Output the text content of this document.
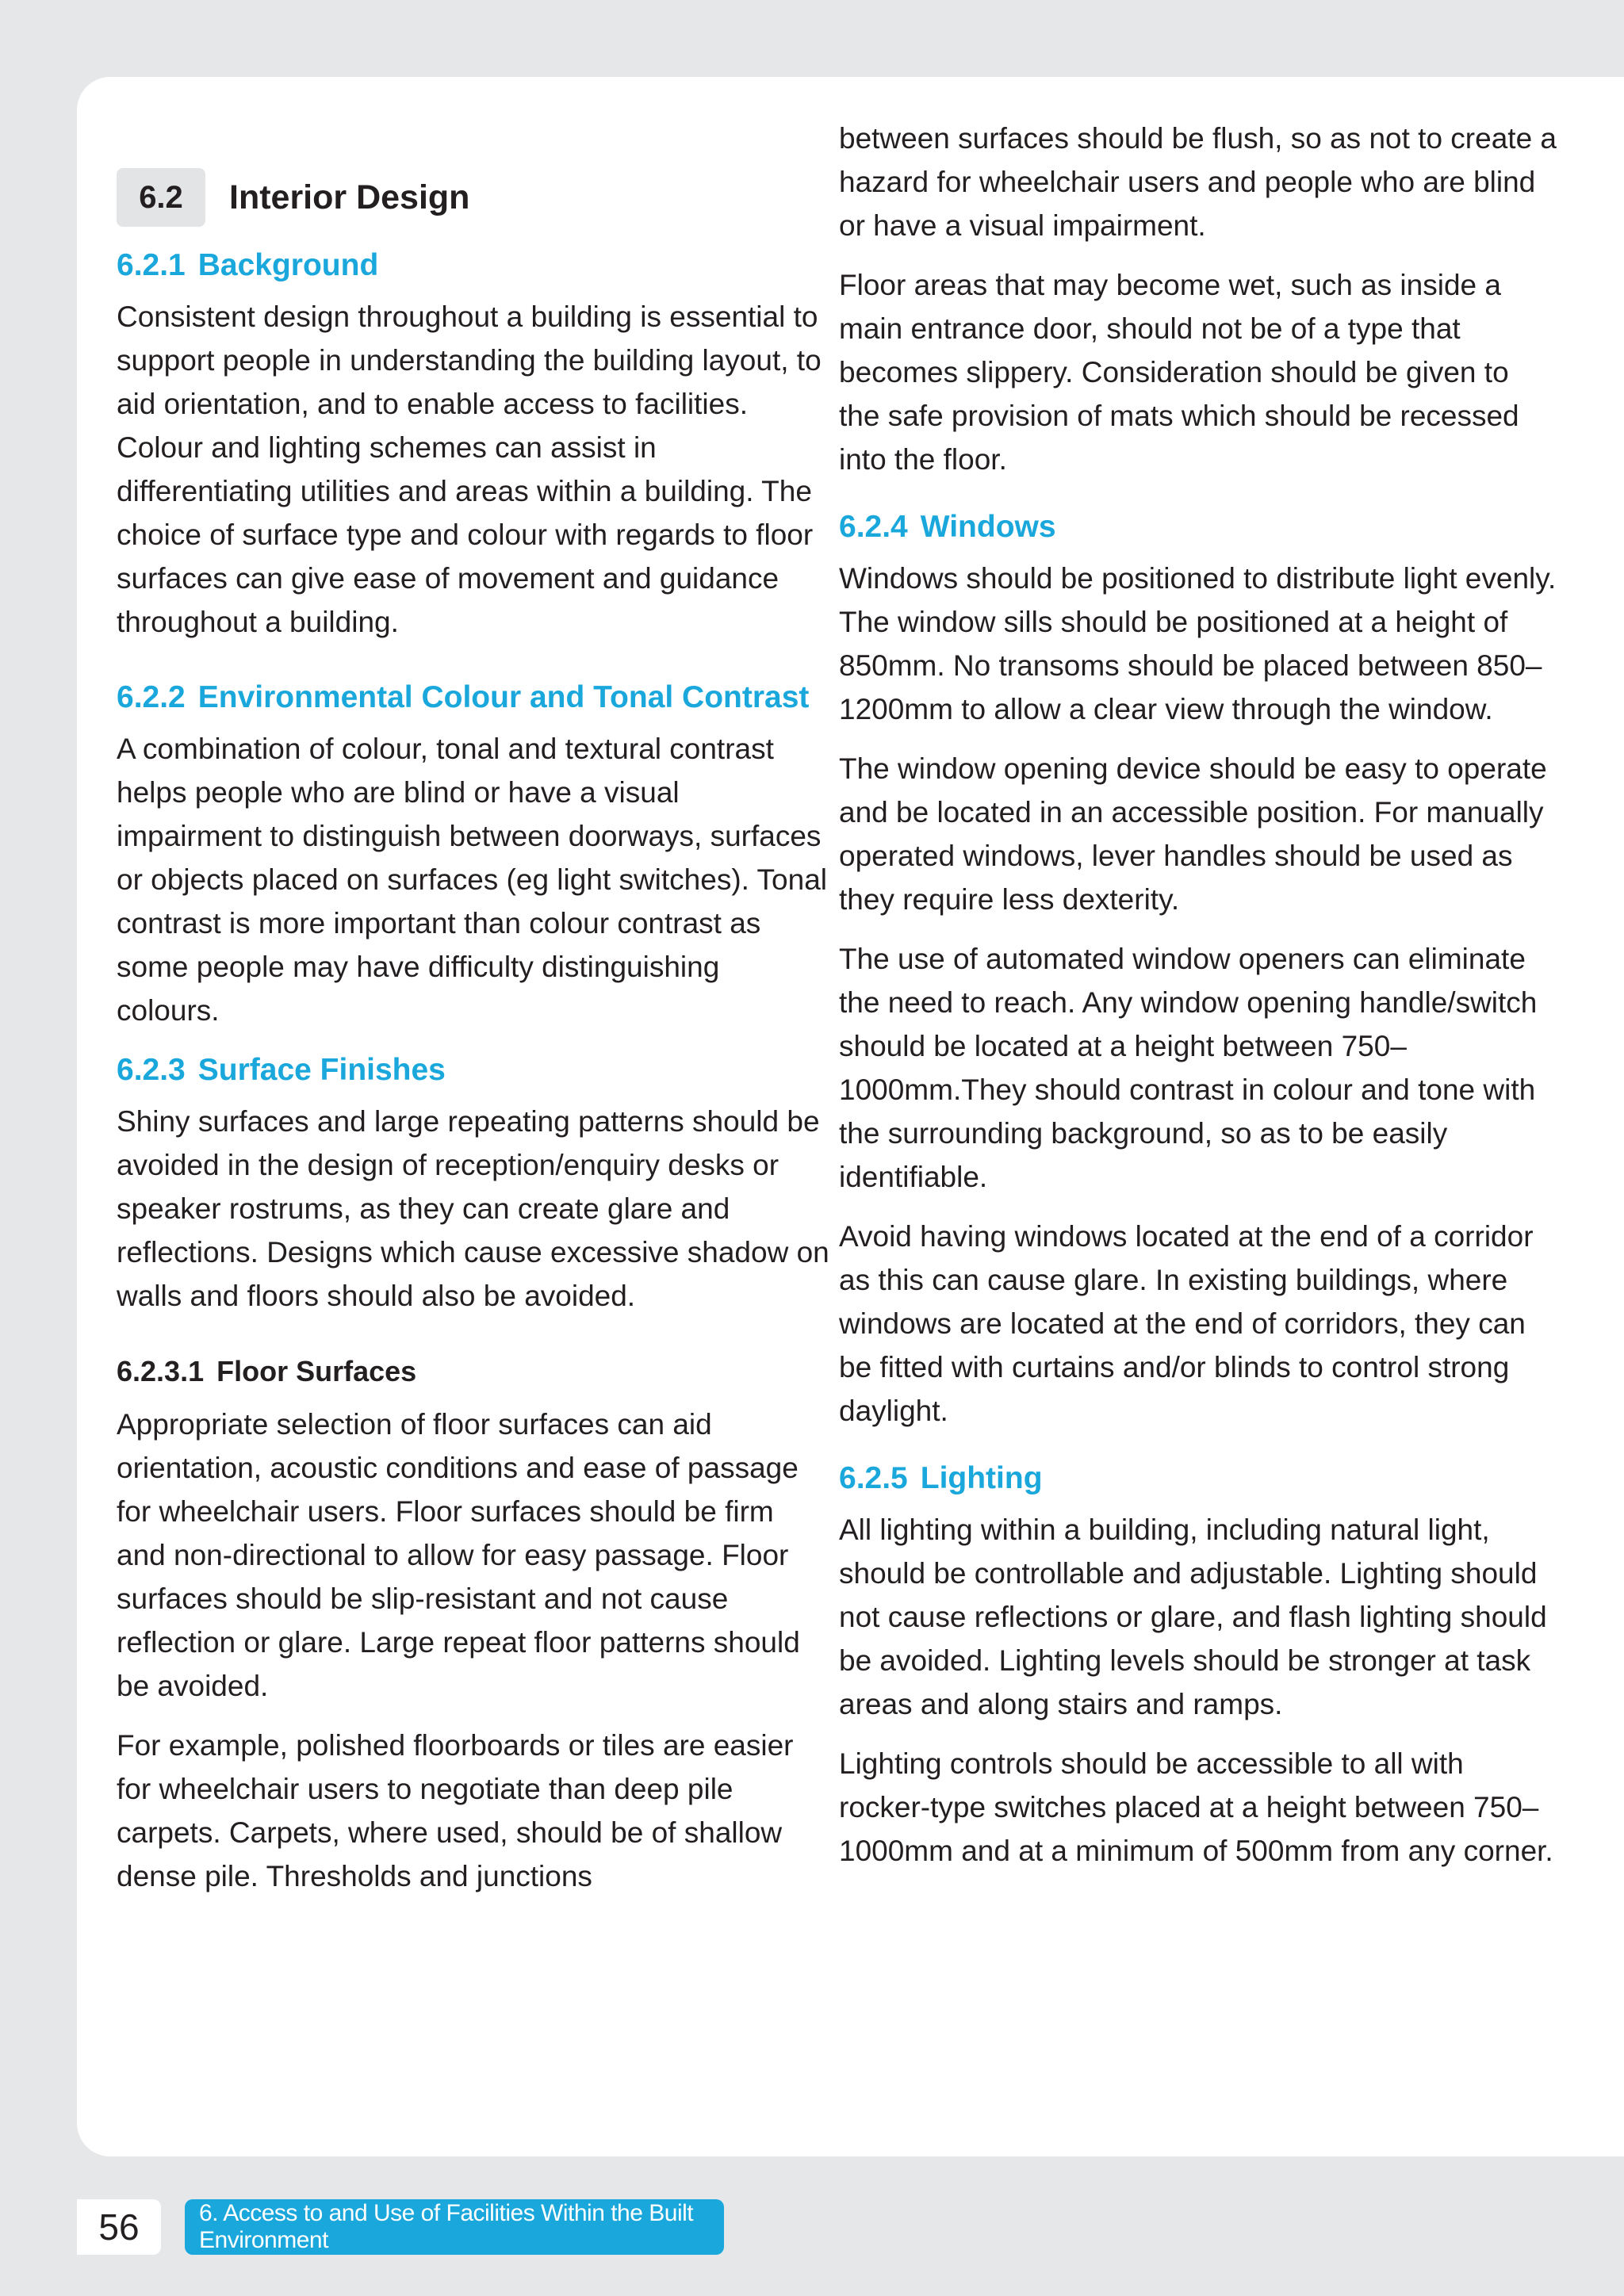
6.2	Interior Design
6.2.1 Background

Consistent design throughout a building is essential to support people in understanding the building layout, to aid orientation, and to enable access to facilities. Colour and lighting schemes can assist in differentiating utilities and areas within a building. The choice of surface type and colour with regards to floor surfaces can give ease of movement and guidance throughout a building.

6.2.2 Environmental Colour and Tonal Contrast

A combination of colour, tonal and textural contrast helps people who are blind or have a visual impairment to distinguish between doorways, surfaces or objects placed on surfaces (eg light switches). Tonal contrast is more important than colour contrast as some people may have difficulty distinguishing colours.

6.2.3 Surface Finishes

Shiny surfaces and large repeating patterns should be avoided in the design of reception/enquiry desks or speaker rostrums, as they can create glare and reflections. Designs which cause excessive shadow on walls and floors should also be avoided.

6.2.3.1 Floor Surfaces

Appropriate selection of floor surfaces can aid orientation, acoustic conditions and ease of passage for wheelchair users. Floor surfaces should be firm and non-directional to allow for easy passage. Floor surfaces should be slip-resistant and not cause reflection or glare. Large repeat floor patterns should be avoided.

For example, polished floorboards or tiles are easier for wheelchair users to negotiate than deep pile carpets. Carpets, where used, should be of shallow dense pile. Thresholds and junctions

between surfaces should be flush, so as not to create a hazard for wheelchair users and people who are blind or have a visual impairment.

Floor areas that may become wet, such as inside a main entrance door, should not be of a type that becomes slippery. Consideration should be given to the safe provision of mats which should be recessed into the floor.

6.2.4 Windows

Windows should be positioned to distribute light evenly. The window sills should be positioned at a height of 850mm. No transoms should be placed between 850–1200mm to allow a clear view through the window.

The window opening device should be easy to operate and be located in an accessible position. For manually operated windows, lever handles should be used as they require less dexterity.

The use of automated window openers can eliminate the need to reach. Any window opening handle/switch should be located at a height between 750–1000mm.They should contrast in colour and tone with the surrounding background, so as to be easily identifiable.

Avoid having windows located at the end of a corridor as this can cause glare. In existing buildings, where windows are located at the end of corridors, they can be fitted with curtains and/or blinds to control strong daylight.

6.2.5 Lighting

All lighting within a building, including natural light, should be controllable and adjustable. Lighting should not cause reflections or glare, and flash lighting should be avoided. Lighting levels should be stronger at task areas and along stairs and ramps.

Lighting controls should be accessible to all with rocker-type switches placed at a height between 750–1000mm and at a minimum of 500mm from any corner.

56	6. Access to and Use of Facilities Within the Built Environment
